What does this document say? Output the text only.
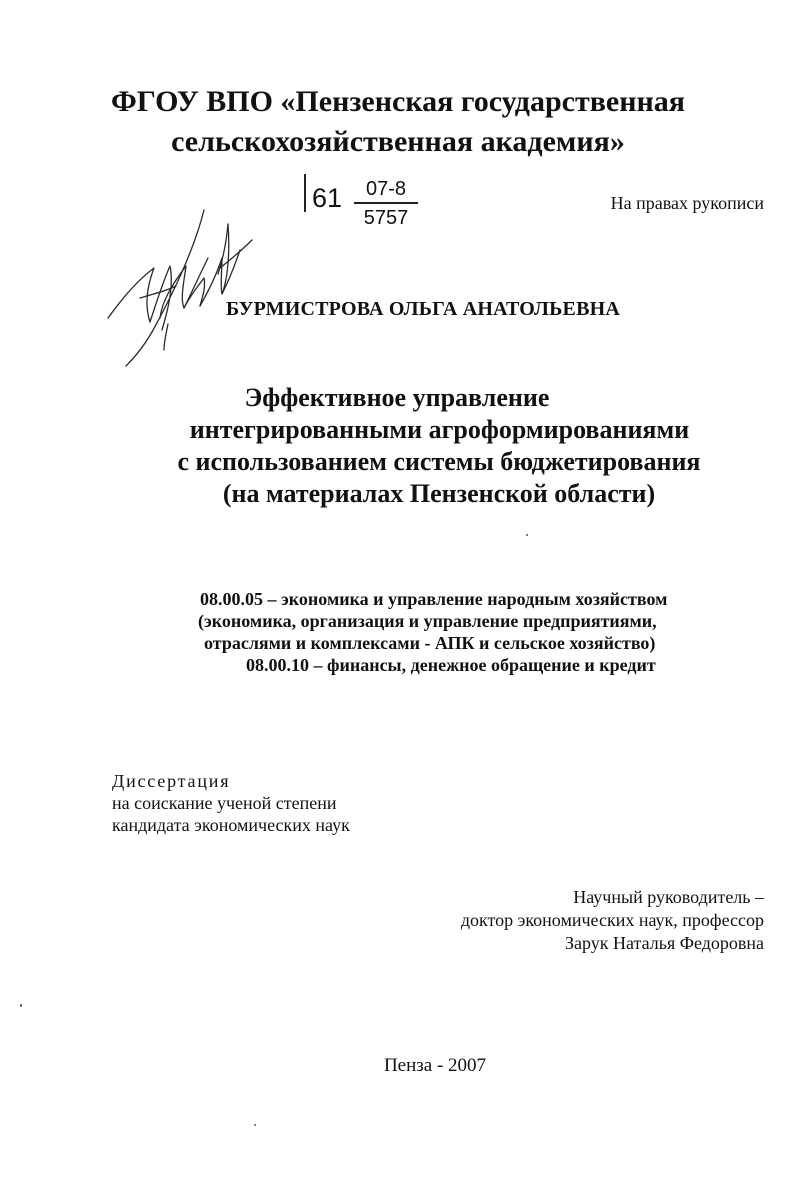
ФГОУ ВПО «Пензенская государственная
сельскохозяйственная академия»
$61 \frac{07-8}{5757}$	На правах рукописи
БУРМИСТРОВА ОЛЬГА АНАТОЛЬЕВНА
Эффективное управление
интегрированными агроформированиями
с использованием системы бюджетирования
(на материалах Пензенской области)
08.00.05 – экономика и управление народным хозяйством
(экономика, организация и управление предприятиями,
отраслями и комплексами - АПК и сельское хозяйство)
08.00.10 – финансы, денежное обращение и кредит
Диссертация
на соискание ученой степени
кандидата экономических наук
Научный руководитель –
доктор экономических наук, профессор
Зарук Наталья Федоровна
Пенза - 2007
